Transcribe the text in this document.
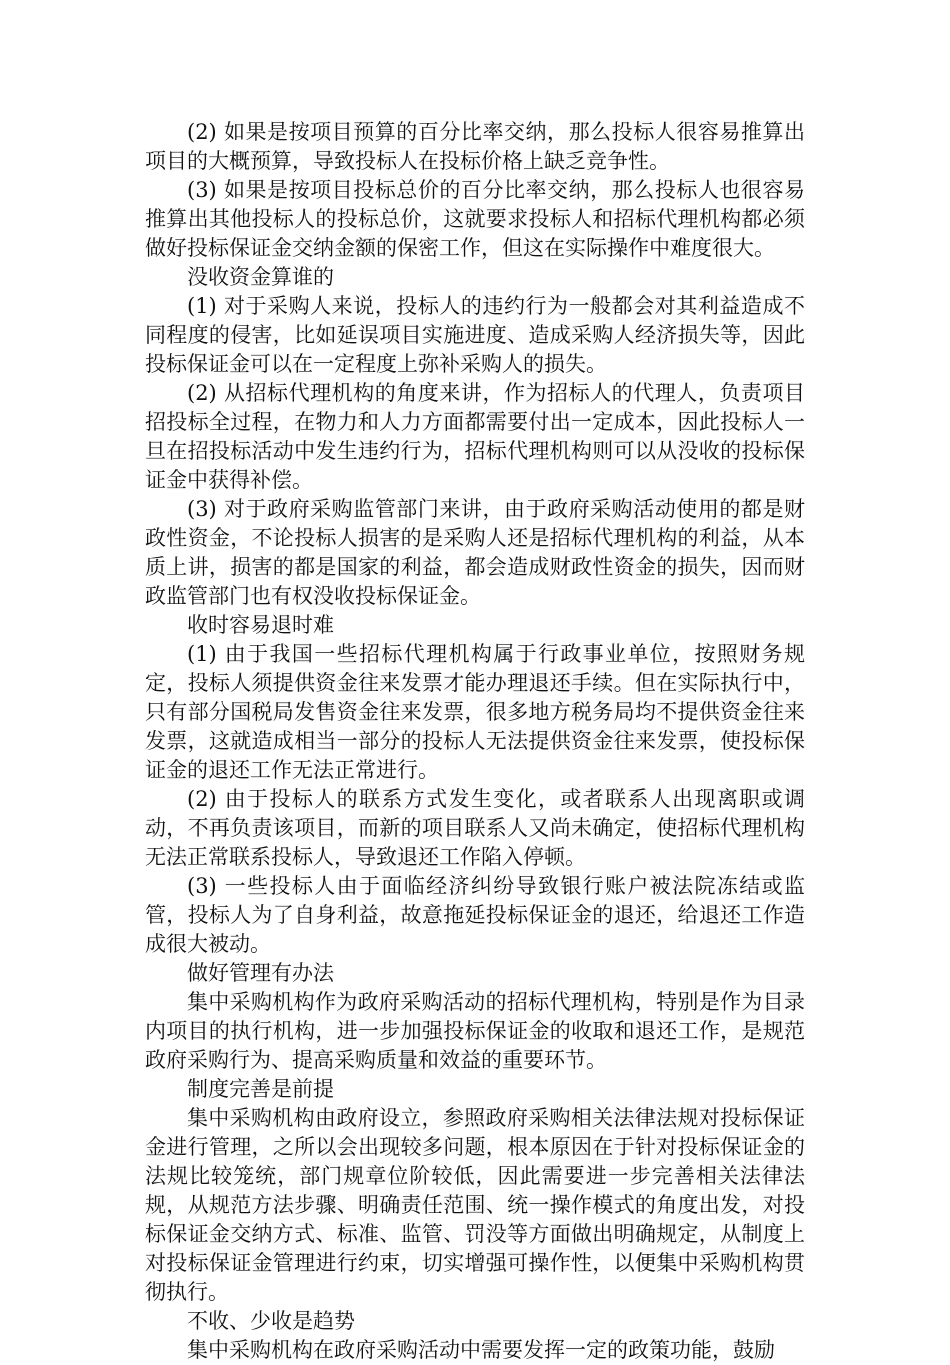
(2) 如果是按项目预算的百分比率交纳，那么投标人很容易推算出项目的大概预算，导致投标人在投标价格上缺乏竞争性。

(3) 如果是按项目投标总价的百分比率交纳，那么投标人也很容易推算出其他投标人的投标总价，这就要求投标人和招标代理机构都必须做好投标保证金交纳金额的保密工作，但这在实际操作中难度很大。

没收资金算谁的

(1) 对于采购人来说，投标人的违约行为一般都会对其利益造成不同程度的侵害，比如延误项目实施进度、造成采购人经济损失等，因此投标保证金可以在一定程度上弥补采购人的损失。

(2) 从招标代理机构的角度来讲，作为招标人的代理人，负责项目招投标全过程，在物力和人力方面都需要付出一定成本，因此投标人一旦在招投标活动中发生违约行为，招标代理机构则可以从没收的投标保证金中获得补偿。

(3) 对于政府采购监管部门来讲，由于政府采购活动使用的都是财政性资金，不论投标人损害的是采购人还是招标代理机构的利益，从本质上讲，损害的都是国家的利益，都会造成财政性资金的损失，因而财政监管部门也有权没收投标保证金。

收时容易退时难

(1) 由于我国一些招标代理机构属于行政事业单位，按照财务规定，投标人须提供资金往来发票才能办理退还手续。但在实际执行中，只有部分国税局发售资金往来发票，很多地方税务局均不提供资金往来发票，这就造成相当一部分的投标人无法提供资金往来发票，使投标保证金的退还工作无法正常进行。

(2) 由于投标人的联系方式发生变化，或者联系人出现离职或调动，不再负责该项目，而新的项目联系人又尚未确定，使招标代理机构无法正常联系投标人，导致退还工作陷入停顿。

(3) 一些投标人由于面临经济纠纷导致银行账户被法院冻结或监管，投标人为了自身利益，故意拖延投标保证金的退还，给退还工作造成很大被动。

做好管理有办法

集中采购机构作为政府采购活动的招标代理机构，特别是作为目录内项目的执行机构，进一步加强投标保证金的收取和退还工作，是规范政府采购行为、提高采购质量和效益的重要环节。

制度完善是前提

集中采购机构由政府设立，参照政府采购相关法律法规对投标保证金进行管理，之所以会出现较多问题，根本原因在于针对投标保证金的法规比较笼统，部门规章位阶较低，因此需要进一步完善相关法律法规，从规范方法步骤、明确责任范围、统一操作模式的角度出发，对投标保证金交纳方式、标准、监管、罚没等方面做出明确规定，从制度上对投标保证金管理进行约束，切实增强可操作性，以便集中采购机构贯彻执行。

不收、少收是趋势

集中采购机构在政府采购活动中需要发挥一定的政策功能，鼓励
